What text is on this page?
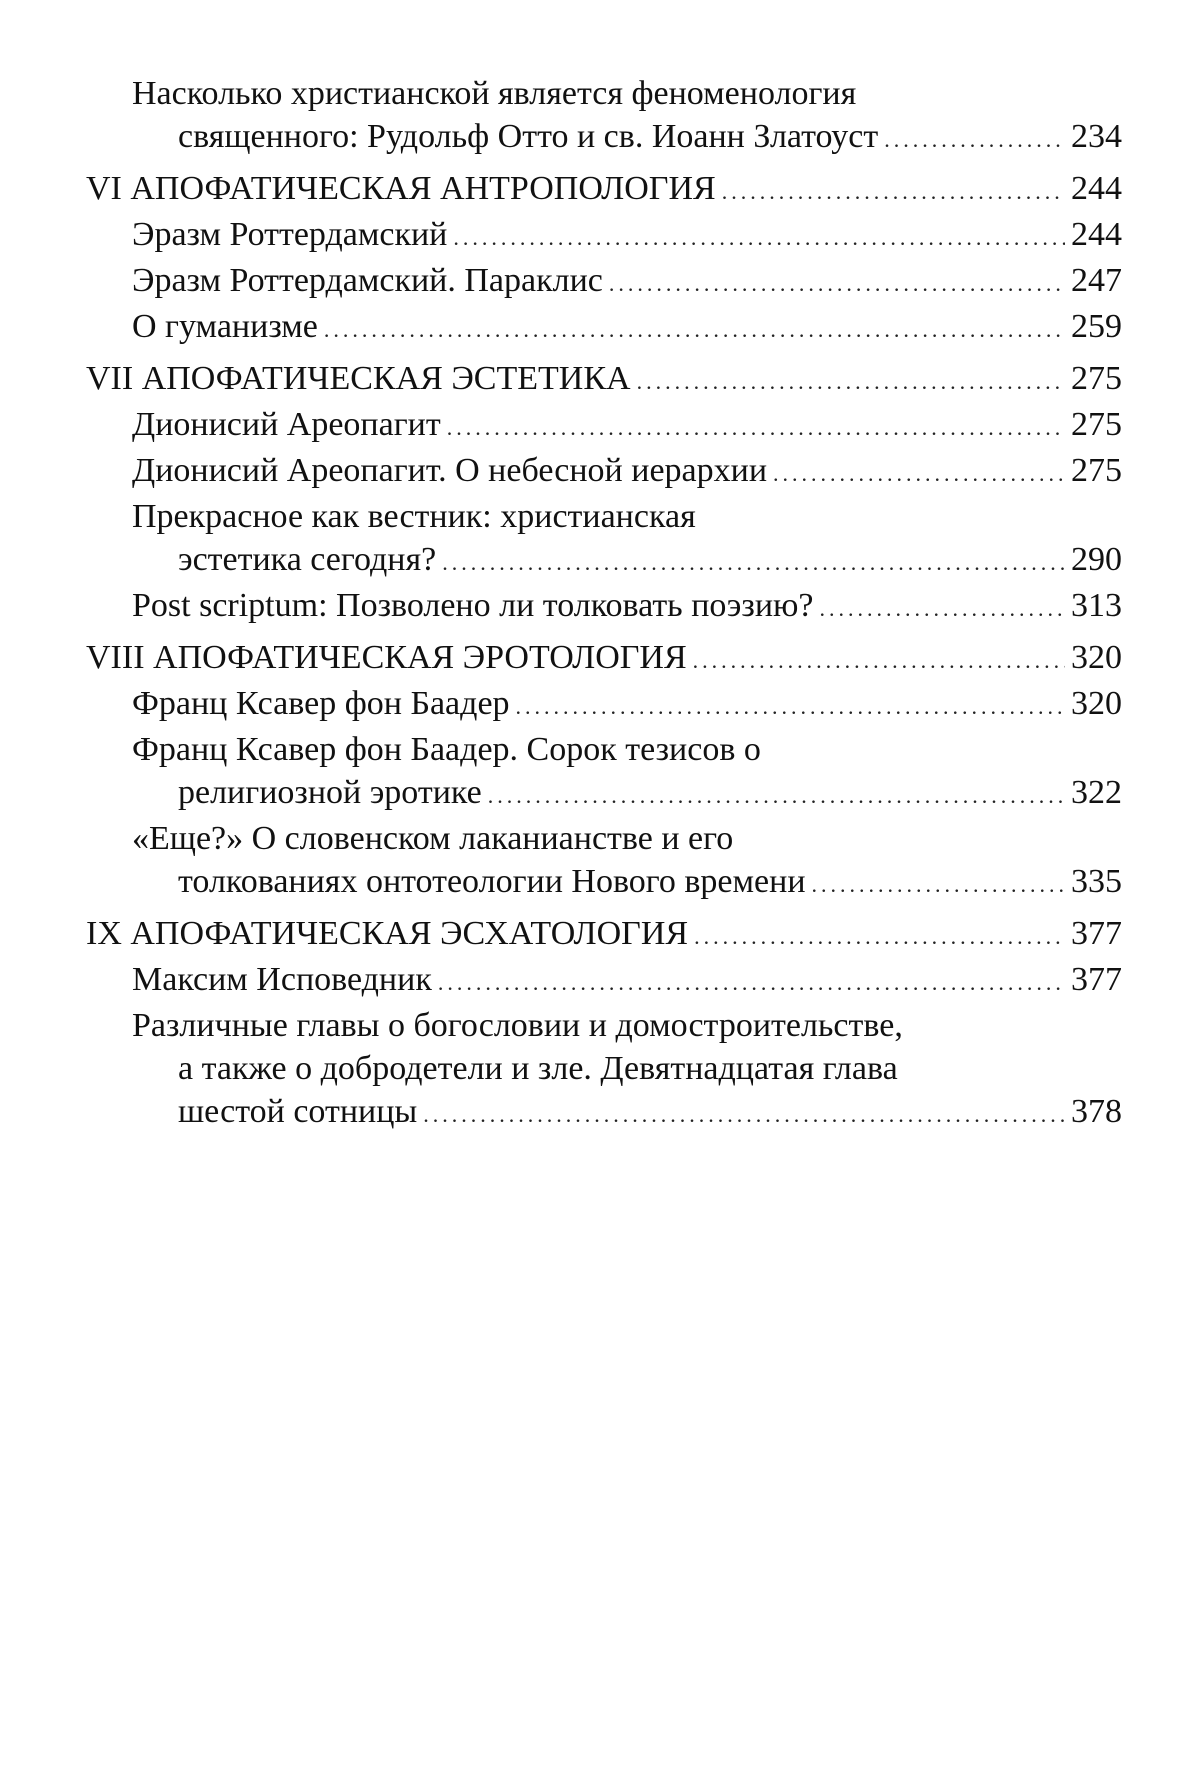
Насколько христианской является феноменология
священного: Рудольф Отто и св. Иоанн Златоуст .....	234
VI АПОФАТИЧЕСКАЯ АНТРОПОЛОГИЯ .....	244
Эразм Роттердамский .....	244
Эразм Роттердамский. Параклис .....	247
О гуманизме .....	259
VII АПОФАТИЧЕСКАЯ ЭСТЕТИКА .....	275
Дионисий Ареопагит .....	275
Дионисий Ареопагит. О небесной иерархии .....	275
Прекрасное как вестник: христианская
эстетика сегодня? .....	290
Post scriptum: Позволено ли толковать поэзию? .....	313
VIII АПОФАТИЧЕСКАЯ ЭРОТОЛОГИЯ .....	320
Франц Ксавер фон Баадер .....	320
Франц Ксавер фон Баадер. Сорок тезисов о
религиозной эротике .....	322
«Еще?» О словенском лаканианстве и его
толкованиях онтотеологии Нового времени .....	335
IX АПОФАТИЧЕСКАЯ ЭСХАТОЛОГИЯ .....	377
Максим Исповедник .....	377
Различные главы о богословии и домостроительстве,
а также о добродетели и зле. Девятнадцатая глава
шестой сотницы .....	378
